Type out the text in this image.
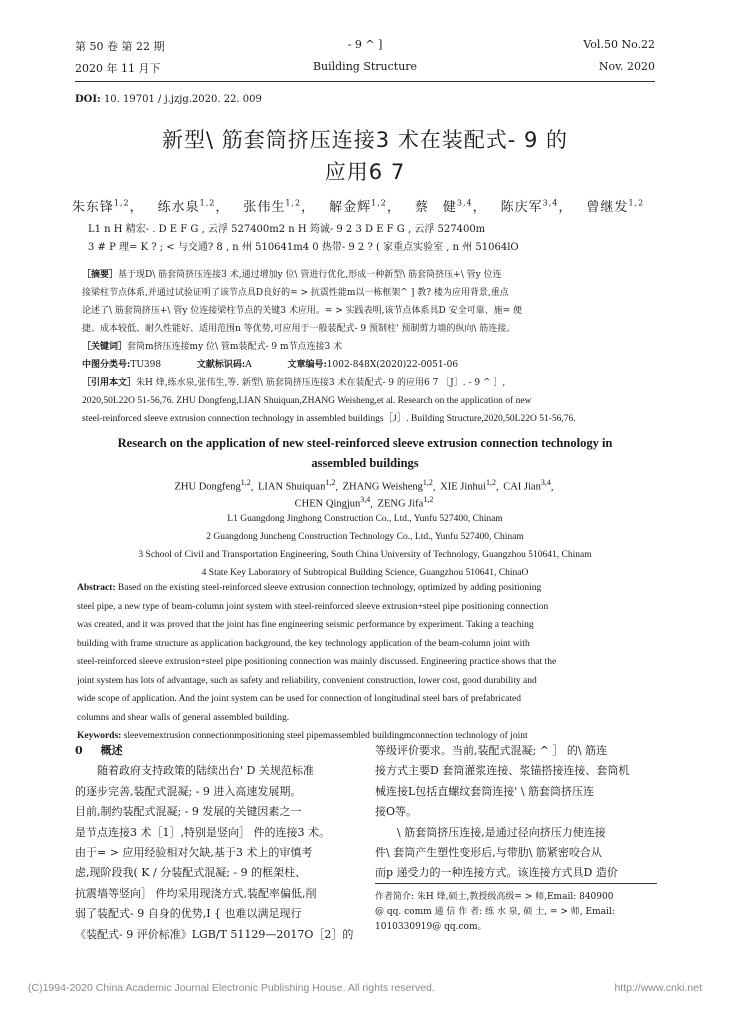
第 50 卷 第 22 期
2020 年 11 月下
- 9 ^ ]
Building Structure
Vol.50 No.22
Nov. 2020
DOI: 10. 19701 / j.jzjg.2020. 22. 009
新型\ 筋套筒挤压连接3 术在装配式- 9 的
应用6 7
朱东锋$^{1,2}$， 练水泉$^{1,2}$， 张伟生$^{1,2}$， 解金辉$^{1,2}$， 蔡　健$^{3,4}$， 陈庆军$^{3,4}$， 曾继发$^{1,2}$
L1 n H 精宏- . D E F G , 云浮 527400m2 n H 筠诚- 9 2 3 D E F G , 云浮 527400m
3 # P 理= K ? ; < 与交通? 8 , n 州 510641m4 0 热带- 9 2 ? ( 家重点实验室 , n 州 51064lO
［摘要］基于现D\ 筋套筒挤压连接3 术,通过增加y 位\ 管进行优化,形成一种新型\ 筋套筒挤压+\ 管y 位连
接梁柱节点体系,并通过试验证明了该节点具D良好的= > 抗震性能m以一栋框架^ ] 教? 楼为应用背景,重点
论述了\ 筋套筒挤压+\ 管y 位连接梁柱节点的关键3 术应用。= > 实践表明,该节点体系具D 安全可靠、施= 便
捷、成本较低、耐久性能好、适用范围n 等优势,可应用于一般装配式- 9 预制柱' 预制剪力墙的纵向\ 筋连接。
［关键词］套筒m挤压连接my 位\ 管m装配式- 9 m节点连接3 术
中图分类号:TU398	文献标识码:A	文章编号:1002-848X(2020)22-0051-06
［引用本文］朱H 烽,练水泉,张伟生,等. 新型\ 筋套筒挤压连接3 术在装配式- 9 的应用6 7 ［J］. - 9 ^ ］,
2020,50L22O 51-56,76. ZHU Dongfeng,LIAN Shuiquan,ZHANG Weisheng,et al. Research on the application of new
steel-reinforced sleeve extrusion connection technology in assembled buildings［J］. Building Structure,2020,50L22O 51-56,76.
Research on the application of new steel-reinforced sleeve extrusion connection technology in
assembled buildings
ZHU Dongfeng$^{1,2}$, LIAN Shuiquan$^{1,2}$, ZHANG Weisheng$^{1,2}$, XIE Jinhui$^{1,2}$, CAI Jian$^{3,4}$,
CHEN Qingjun$^{3,4}$, ZENG Jifa$^{1,2}$
L1 Guangdong Jinghong Construction Co., Ltd., Yunfu 527400, Chinam
2 Guangdong Juncheng Construction Technology Co., Ltd., Yunfu 527400, Chinam
3 School of Civil and Transportation Engineering, South China University of Technology, Guangzhou 510641, Chinam
4 State Key Laboratory of Subtropical Building Science, Guangzhou 510641, ChinaO
Abstract: Based on the existing steel-reinforced sleeve extrusion connection technology, optimized by adding positioning
steel pipe, a new type of beam-column joint system with steel-reinforced sleeve extrusion+steel pipe positioning connection
was created, and it was proved that the joint has fine engineering seismic performance by experiment. Taking a teaching
building with frame structure as application background, the key technology application of the beam-column joint with
steel-reinforced sleeve extrusion+steel pipe positioning connection was mainly discussed. Engineering practice shows that the
joint system has lots of advantage, such as safety and reliability, convenient construction, lower cost, good durability and
wide scope of application. And the joint system can be used for connection of longitudinal steel bars of prefabricated
columns and shear walls of general assembled building.
Keywords: sleevemextrusion connectionmpositioning steel pipemassembled buildingmconnection technology of joint
0 概述
　　随着政府支持政策的陆续出台' D 关规范标准
的逐步完善,装配式混凝; - 9 进入高速发展期。
目前,制约装配式混凝; - 9 发展的关键因素之一
是节点连接3 术［1］,特别是竖向］ 件的连接3 术。
由于= > 应用经验相对欠缺,基于3 术上的审慎考
虑,现阶段我( K / 分装配式混凝; - 9 的框架柱、
抗震墙等竖向］ 件均采用现浇方式,装配率偏低,削
弱了装配式- 9 自身的优势,I { 也难以满足现行
《装配式- 9 评价标准》LGB/T 51129—2017O［2］的
等级评价要求。当前,装配式混凝; ^ ］ 的\ 筋连
接方式主要D 套筒灌浆连接、浆锚搭接连接、套筒机
械连接L包括直螺纹套筒连接' \ 筋套筒挤压连
接O等。
　　\ 筋套筒挤压连接,是通过径向挤压力使连接
件\ 套筒产生塑性变形后,与带肋\ 筋紧密咬合从
而p 递受力的一种连接方式。该连接方式具D 造价
作者简介: 朱H 烽,硕士,教授级高级= > 师,Email: 840900
@ qq. comm 通 信 作 者: 练 水 泉, 硕 士, = > 师, Email:
1010330919@ qq.com。
(C)1994-2020 China Academic Journal Electronic Publishing House. All rights reserved.	http://www.cnki.net
